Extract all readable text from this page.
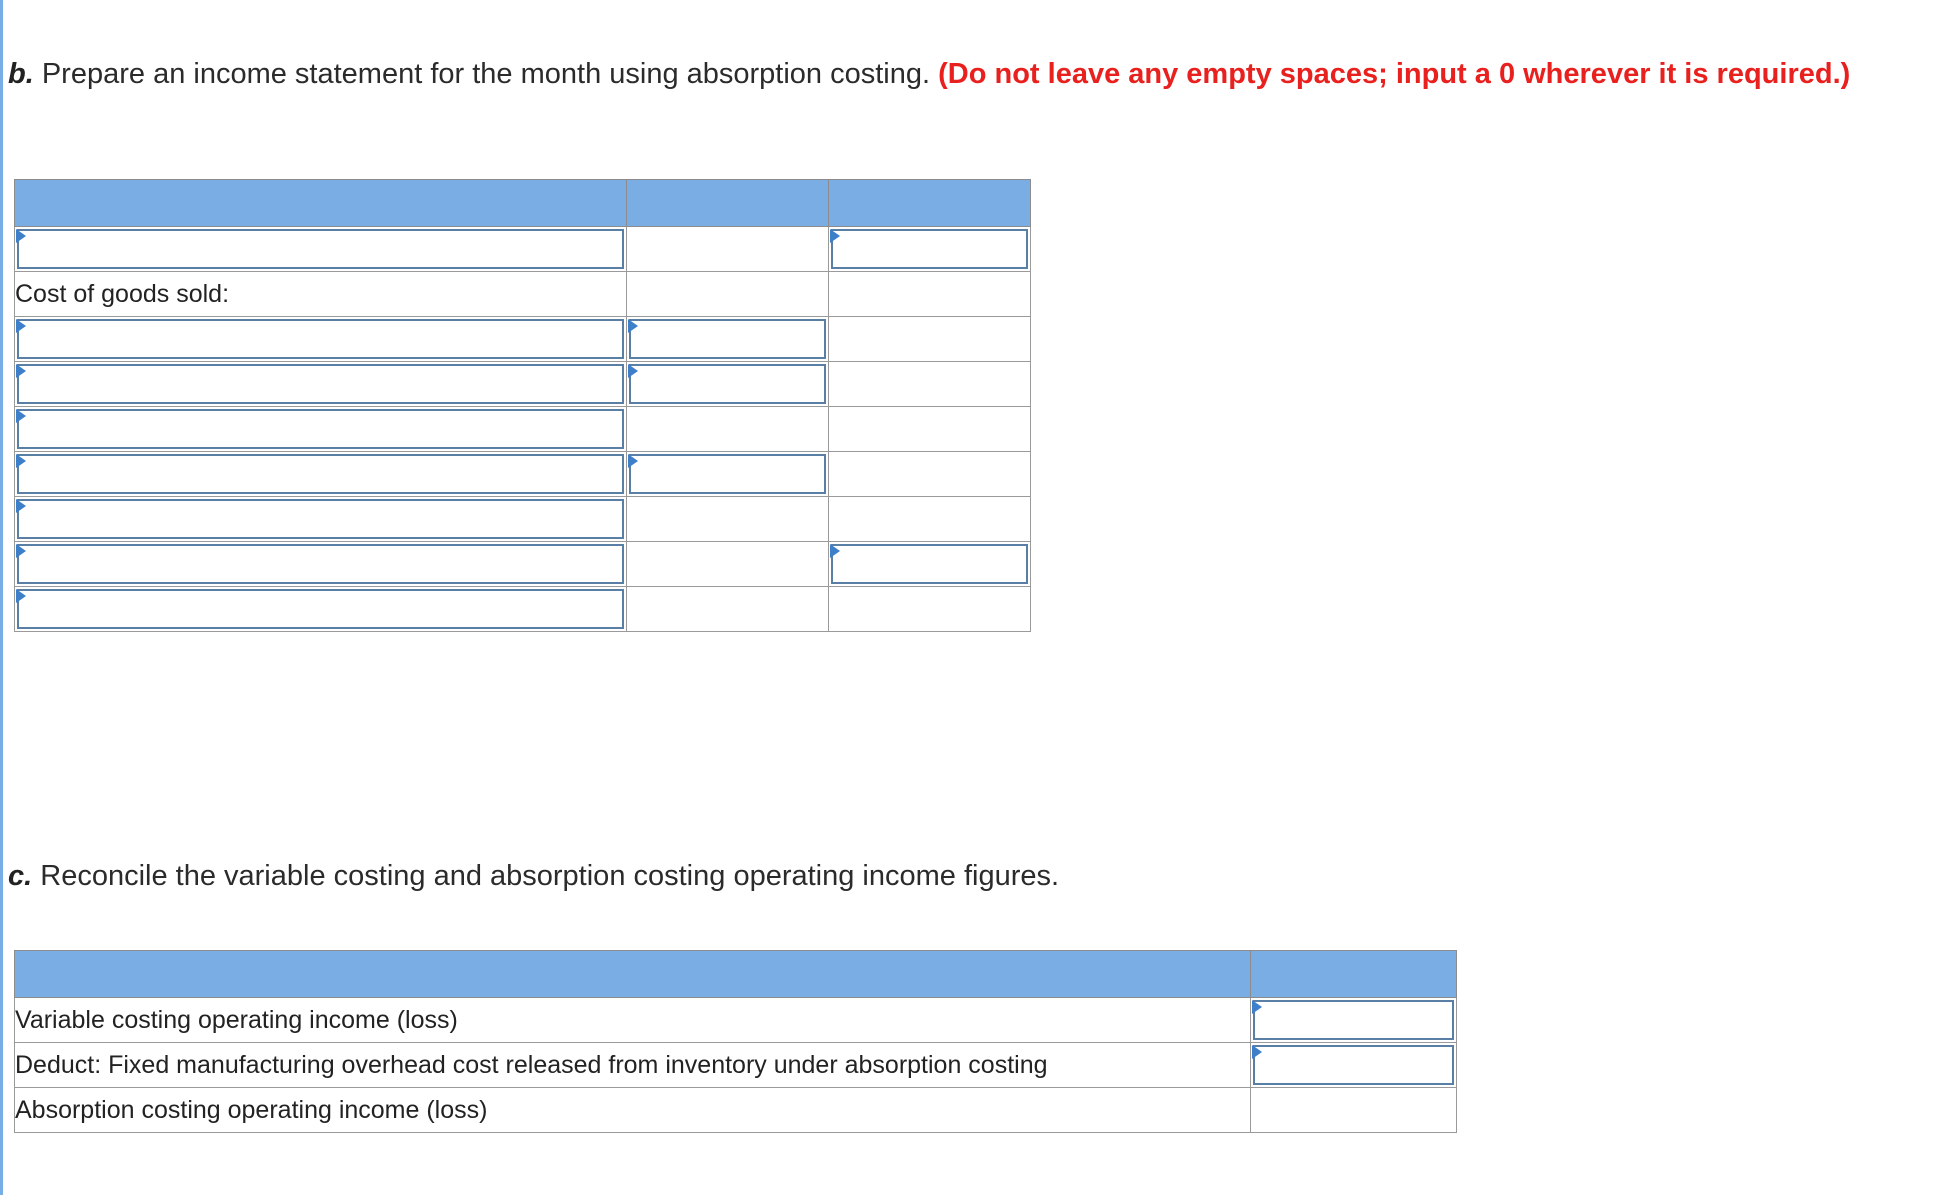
b. Prepare an income statement for the month using absorption costing. (Do not leave any empty spaces; input a 0 wherever it is required.)

Cost of goods sold:		

c. Reconcile the variable costing and absorption costing operating income figures.

Variable costing operating income (loss)	

Deduct: Fixed manufacturing overhead cost released from inventory under absorption costing	

Absorption costing operating income (loss)	
